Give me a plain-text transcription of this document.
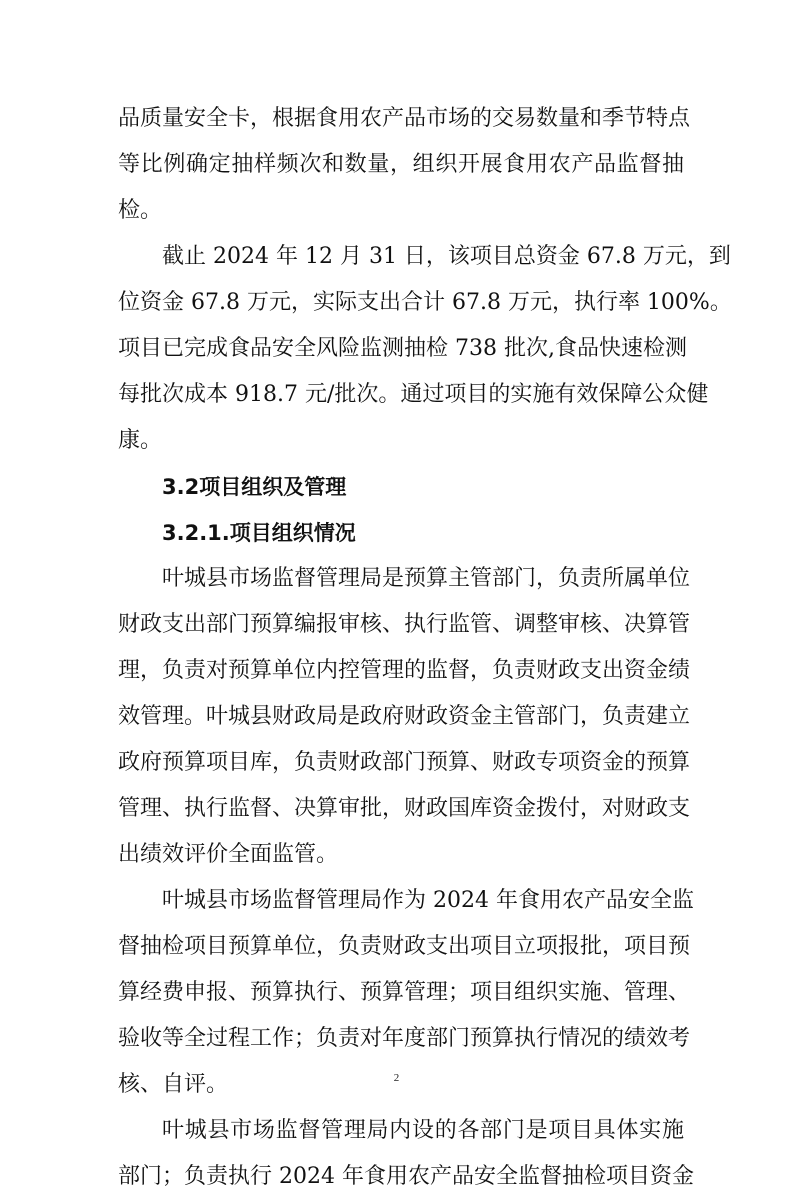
品质量安全卡，根据食用农产品市场的交易数量和季节特点
等比例确定抽样频次和数量，组织开展食用农产品监督抽
检。
截止 2024 年 12 月 31 日，该项目总资金 67.8 万元，到
位资金 67.8 万元，实际支出合计 67.8 万元，执行率 100%。
项目已完成食品安全风险监测抽检 738 批次,食品快速检测
每批次成本 918.7 元/批次。通过项目的实施有效保障公众健
康。
3.2项目组织及管理
3.2.1.项目组织情况
叶城县市场监督管理局是预算主管部门，负责所属单位
财政支出部门预算编报审核、执行监管、调整审核、决算管
理，负责对预算单位内控管理的监督，负责财政支出资金绩
效管理。叶城县财政局是政府财政资金主管部门，负责建立
政府预算项目库，负责财政部门预算、财政专项资金的预算
管理、执行监督、决算审批，财政国库资金拨付，对财政支
出绩效评价全面监管。
叶城县市场监督管理局作为 2024 年食用农产品安全监
督抽检项目预算单位，负责财政支出项目立项报批，项目预
算经费申报、预算执行、预算管理；项目组织实施、管理、
验收等全过程工作；负责对年度部门预算执行情况的绩效考
核、自评。
叶城县市场监督管理局内设的各部门是项目具体实施
部门；负责执行 2024 年食用农产品安全监督抽检项目资金
2
